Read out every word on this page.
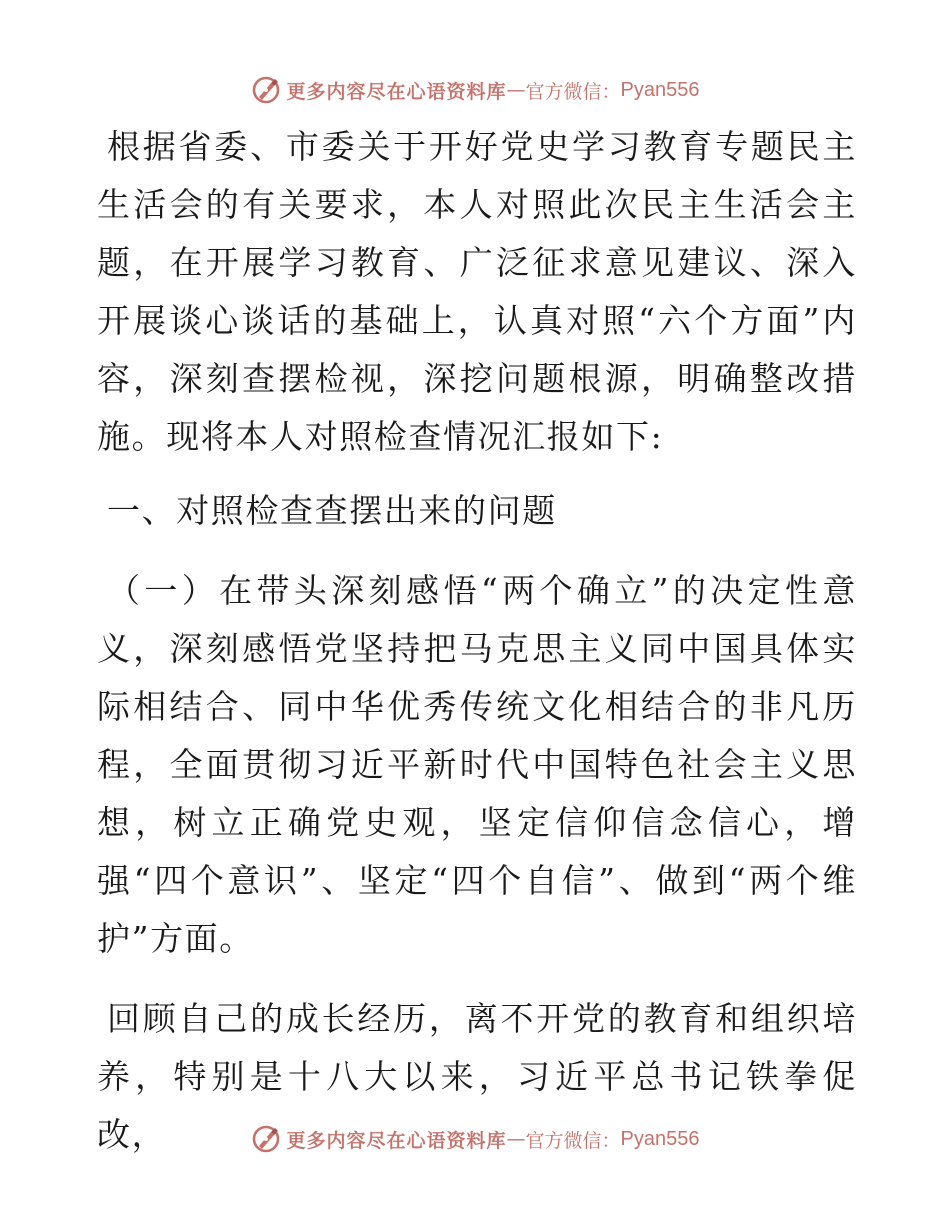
更多内容尽在心语资料库 — 官方微信： Pyan556

根据省委、市委关于开好党史学习教育专题民主生活会的有关要求，本人对照此次民主生活会主题，在开展学习教育、广泛征求意见建议、深入开展谈心谈话的基础上，认真对照“六个方面”内容，深刻查摆检视，深挖问题根源，明确整改措施。现将本人对照检查情况汇报如下:

一、对照检查查摆出来的问题

（一）在带头深刻感悟“两个确立”的决定性意义，深刻感悟党坚持把马克思主义同中国具体实际相结合、同中华优秀传统文化相结合的非凡历程，全面贯彻习近平新时代中国特色社会主义思想，树立正确党史观，坚定信仰信念信心，增强“四个意识”、坚定“四个自信”、做到“两个维护”方面。

回顾自己的成长经历，离不开党的教育和组织培养，特别是十八大以来，习近平总书记铁拳促改，	更多内容尽在心语资料库 — 官方微信： Pyan556
